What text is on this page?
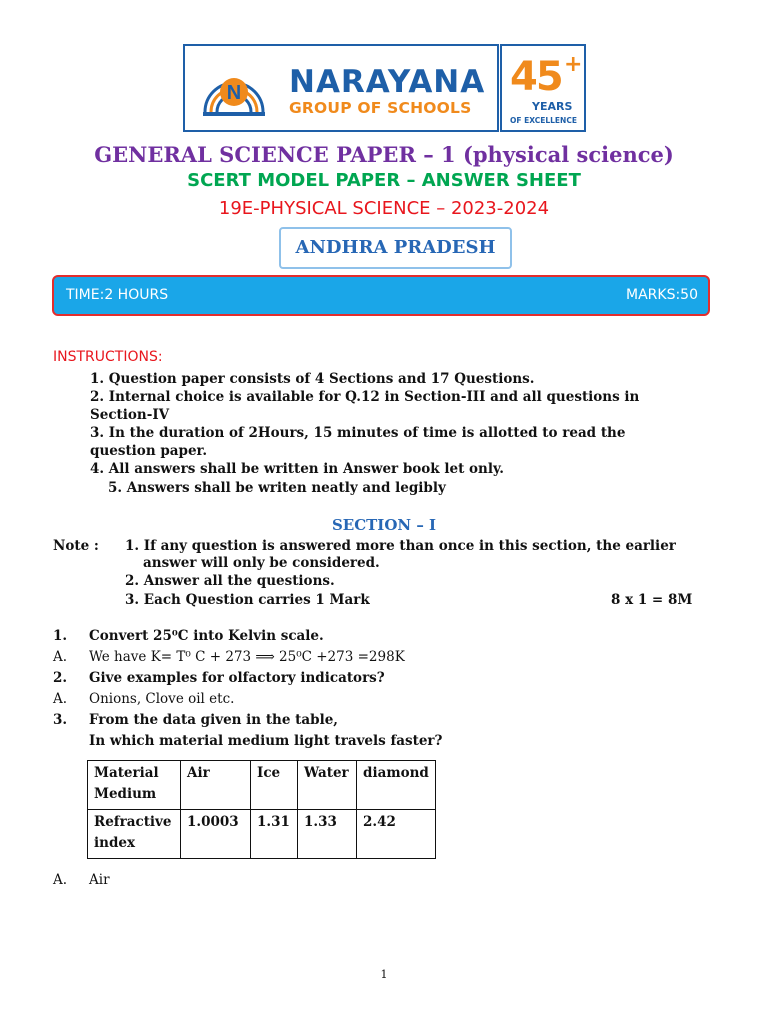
N NARAYANA
GROUP OF SCHOOLS
45 +
YEARS
OF EXCELLENCE
GENERAL SCIENCE PAPER – 1 (physical science)
SCERT MODEL PAPER – ANSWER SHEET
19E-PHYSICAL SCIENCE – 2023-2024
ANDHRA PRADESH
TIME:2 HOURS	MARKS:50
INSTRUCTIONS:
1. Question paper consists of 4 Sections and 17 Questions.
2. Internal choice is available for Q.12 in Section-III and all questions in
Section-IV
3. In the duration of 2Hours, 15 minutes of time is allotted to read the
question paper.
4. All answers shall be written in Answer book let only.
5. Answers shall be writen neatly and legibly
SECTION – I
Note : 1. If any question is answered more than once in this section, the earlier
answer will only be considered.
2. Answer all the questions.
3. Each Question carries 1 Mark	8 x 1 = 8M
1. Convert 25⁰C into Kelvin scale.
A. We have K= T⁰ C + 273 ⟹ 25⁰C +273 =298K
2. Give examples for olfactory indicators?
A. Onions, Clove oil etc.
3. From the data given in the table,
In which material medium light travels faster?
Material Medium	Air	Ice	Water	diamond
Refractive index	1.0003	1.31	1.33	2.42
A. Air
1
